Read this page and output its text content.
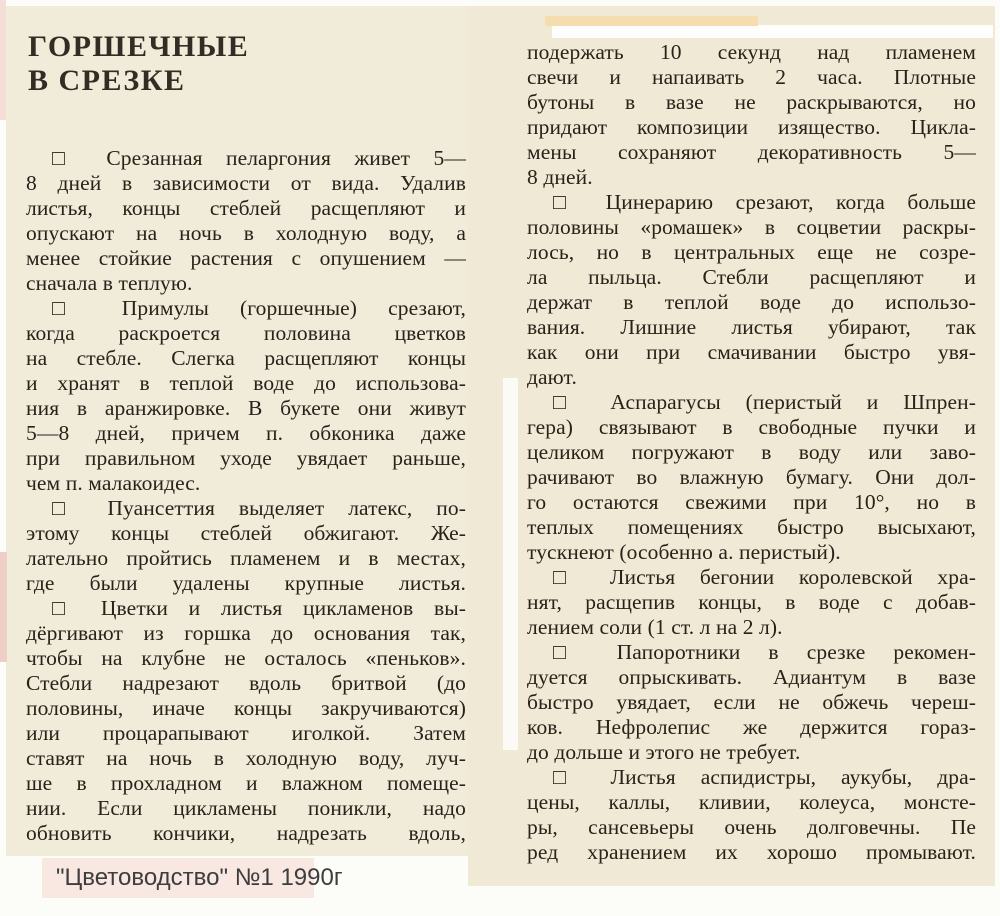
ГОРШЕЧНЫЕ
В СРЕЗКЕ
□ Срезанная пеларгония живет 5—
8 дней в зависимости от вида. Удалив
листья, концы стеблей расщепляют и
опускают на ночь в холодную воду, а
менее стойкие растения с опушением —
сначала в теплую.
□ Примулы (горшечные) срезают,
когда раскроется половина цветков
на стебле. Слегка расщепляют концы
и хранят в теплой воде до использова-
ния в аранжировке. В букете они живут
5—8 дней, причем п. обконика даже
при правильном уходе увядает раньше,
чем п. малакоидес.
□ Пуансеттия выделяет латекс, по-
этому концы стеблей обжигают. Же-
лательно пройтись пламенем и в местах,
где были удалены крупные листья.
□ Цветки и листья цикламенов вы-
дёргивают из горшка до основания так,
чтобы на клубне не осталось «пеньков».
Стебли надрезают вдоль бритвой (до
половины, иначе концы закручиваются)
или процарапывают иголкой. Затем
ставят на ночь в холодную воду, луч-
ше в прохладном и влажном помеще-
нии. Если цикламены поникли, надо
обновить кончики, надрезать вдоль,
подержать 10 секунд над пламенем
свечи и напаивать 2 часа. Плотные
бутоны в вазе не раскрываются, но
придают композиции изящество. Цикла-
мены сохраняют декоративность 5—
8 дней.
□ Цинерарию срезают, когда больше
половины «ромашек» в соцветии раскры-
лось, но в центральных еще не созре-
ла пыльца. Стебли расщепляют и
держат в теплой воде до использо-
вания. Лишние листья убирают, так
как они при смачивании быстро увя-
дают.
□ Аспарагусы (перистый и Шпрен-
гера) связывают в свободные пучки и
целиком погружают в воду или заво-
рачивают во влажную бумагу. Они дол-
го остаются свежими при 10°, но в
теплых помещениях быстро высыхают,
тускнеют (особенно а. перистый).
□ Листья бегонии королевской хра-
нят, расщепив концы, в воде с добав-
лением соли (1 ст. л на 2 л).
□ Папоротники в срезке рекомен-
дуется опрыскивать. Адиантум в вазе
быстро увядает, если не обжечь череш-
ков. Нефролепис же держится гораз-
до дольше и этого не требует.
□ Листья аспидистры, аукубы, дра-
цены, каллы, кливии, колеуса, монсте-
ры, сансевьеры очень долговечны. Пе
ред хранением их хорошо промывают.
"Цветоводство" №1 1990г
